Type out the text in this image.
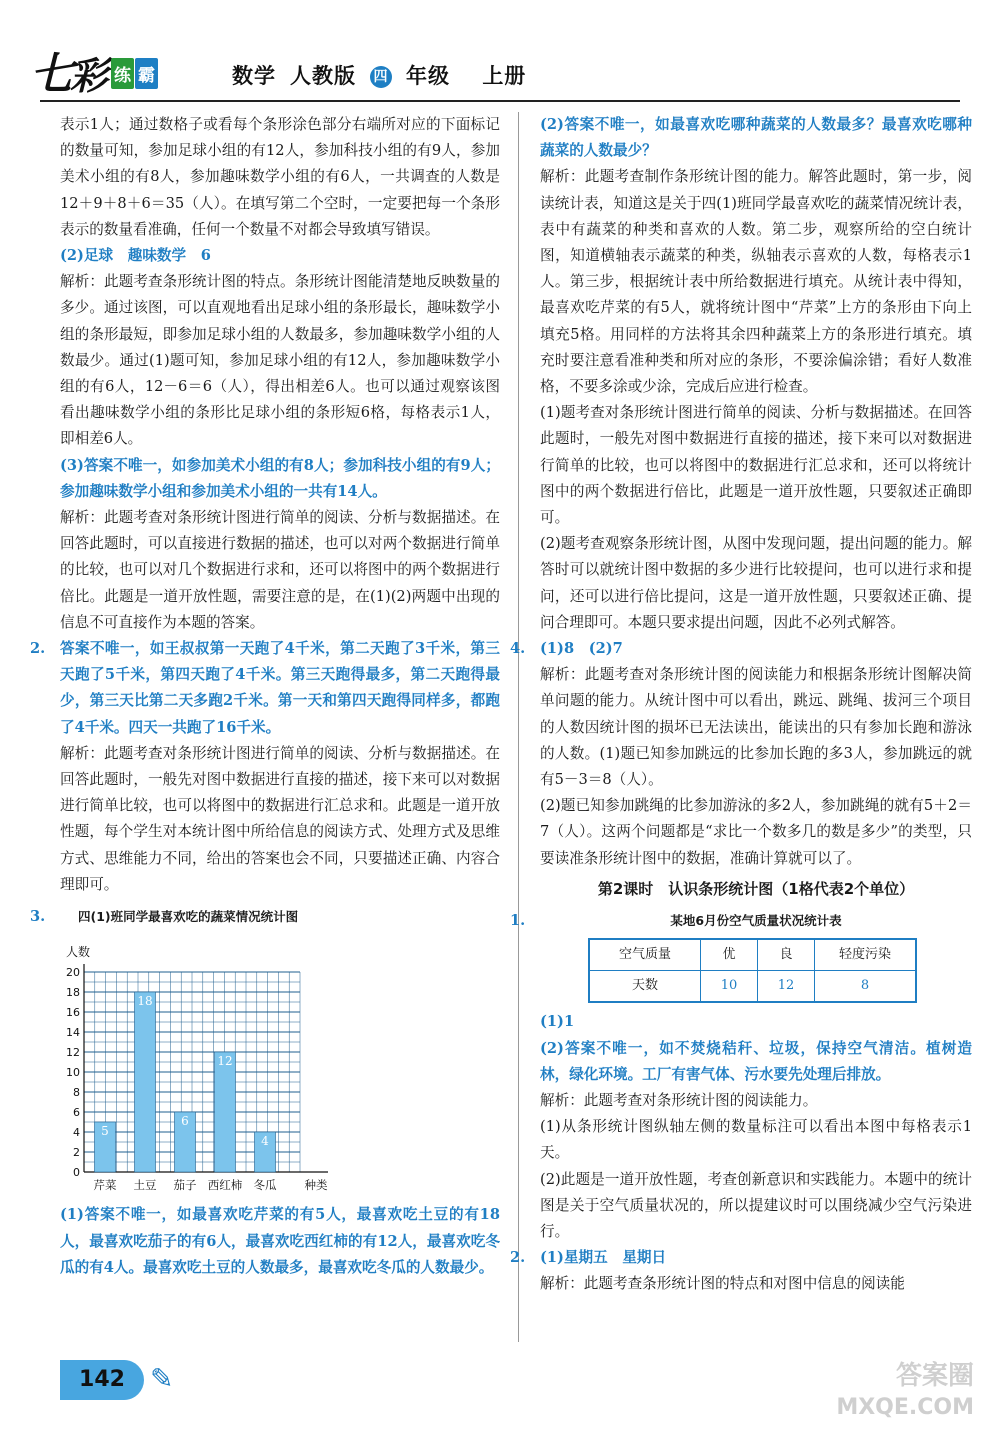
七彩 练 霸	数学 人教版 四 年级 上册

表示1人；通过数格子或看每个条形涂色部分右端所对应的下面标记的数量可知，参加足球小组的有12人，参加科技小组的有9人，参加美术小组的有8人，参加趣味数学小组的有6人，一共调查的人数是12＋9＋8＋6＝35（人）。在填写第二个空时，一定要把每一个条形表示的数量看准确，任何一个数量不对都会导致填写错误。

(2)足球　趣味数学　6

解析：此题考查条形统计图的特点。条形统计图能清楚地反映数量的多少。通过该图，可以直观地看出足球小组的条形最长，趣味数学小组的条形最短，即参加足球小组的人数最多，参加趣味数学小组的人数最少。通过(1)题可知，参加足球小组的有12人，参加趣味数学小组的有6人，12－6＝6（人），得出相差6人。也可以通过观察该图看出趣味数学小组的条形比足球小组的条形短6格，每格表示1人，即相差6人。

(3)答案不唯一，如参加美术小组的有8人；参加科技小组的有9人；参加趣味数学小组和参加美术小组的一共有14人。

解析：此题考查对条形统计图进行简单的阅读、分析与数据描述。在回答此题时，可以直接进行数据的描述，也可以对两个数据进行简单的比较，也可以对几个数据进行求和，还可以将图中的两个数据进行倍比。此题是一道开放性题，需要注意的是，在(1)(2)两题中出现的信息不可直接作为本题的答案。

2. 答案不唯一，如王叔叔第一天跑了4千米，第二天跑了3千米，第三天跑了5千米，第四天跑了4千米。第三天跑得最多，第二天跑得最少，第三天比第二天多跑2千米。第一天和第四天跑得同样多，都跑了4千米。四天一共跑了16千米。

解析：此题考查对条形统计图进行简单的阅读、分析与数据描述。在回答此题时，一般先对图中数据进行直接的描述，接下来可以对数据进行简单比较，也可以将图中的数据进行汇总求和。此题是一道开放性题，每个学生对本统计图中所给信息的阅读方式、处理方式及思维方式、思维能力不同，给出的答案也会不同，只要描述正确、内容合理即可。

3.	四(1)班同学最喜欢吃的蔬菜情况统计图
人数
0
2
4
6
8
10
12
14
16
18
20
5
芹菜
18
土豆
6
茄子
12
西红柿
4
冬瓜 种类

(1)答案不唯一，如最喜欢吃芹菜的有5人，最喜欢吃土豆的有18人，最喜欢吃茄子的有6人，最喜欢吃西红柿的有12人，最喜欢吃冬瓜的有4人。最喜欢吃土豆的人数最多，最喜欢吃冬瓜的人数最少。

(2)答案不唯一，如最喜欢吃哪种蔬菜的人数最多？最喜欢吃哪种蔬菜的人数最少？

解析：此题考查制作条形统计图的能力。解答此题时，第一步，阅读统计表，知道这是关于四(1)班同学最喜欢吃的蔬菜情况统计表，表中有蔬菜的种类和喜欢的人数。第二步，观察所给的空白统计图，知道横轴表示蔬菜的种类，纵轴表示喜欢的人数，每格表示1人。第三步，根据统计表中所给数据进行填充。从统计表中得知，最喜欢吃芹菜的有5人，就将统计图中“芹菜”上方的条形由下向上填充5格。用同样的方法将其余四种蔬菜上方的条形进行填充。填充时要注意看准种类和所对应的条形，不要涂偏涂错；看好人数准格，不要多涂或少涂，完成后应进行检查。

(1)题考查对条形统计图进行简单的阅读、分析与数据描述。在回答此题时，一般先对图中数据进行直接的描述，接下来可以对数据进行简单的比较，也可以将图中的数据进行汇总求和，还可以将统计图中的两个数据进行倍比，此题是一道开放性题，只要叙述正确即可。

(2)题考查观察条形统计图，从图中发现问题，提出问题的能力。解答时可以就统计图中数据的多少进行比较提问，也可以进行求和提问，还可以进行倍比提问，这是一道开放性题，只要叙述正确、提问合理即可。本题只要求提出问题，因此不必列式解答。

4. (1)8　(2)7

解析：此题考查对条形统计图的阅读能力和根据条形统计图解决简单问题的能力。从统计图中可以看出，跳远、跳绳、拔河三个项目的人数因统计图的损坏已无法读出，能读出的只有参加长跑和游泳的人数。(1)题已知参加跳远的比参加长跑的多3人，参加跳远的就有5－3＝8（人）。

(2)题已知参加跳绳的比参加游泳的多2人，参加跳绳的就有5＋2＝7（人）。这两个问题都是“求比一个数多几的数是多少”的类型，只要读准条形统计图中的数据，准确计算就可以了。

第2课时　认识条形统计图（1格代表2个单位）
1.	某地6月份空气质量状况统计表
空气质量	优	良	轻度污染
天数	10	12	8

(1)1

(2)答案不唯一，如不焚烧秸秆、垃圾，保持空气清洁。植树造林，绿化环境。工厂有害气体、污水要先处理后排放。

解析：此题考查对条形统计图的阅读能力。

(1)从条形统计图纵轴左侧的数量标注可以看出本图中每格表示1天。

(2)此题是一道开放性题，考查创新意识和实践能力。本题中的统计图是关于空气质量状况的，所以提建议时可以围绕减少空气污染进行。

2. (1)星期五　星期日

解析：此题考查条形统计图的特点和对图中信息的阅读能

142 ✎	答案圈
MXQE.COM
